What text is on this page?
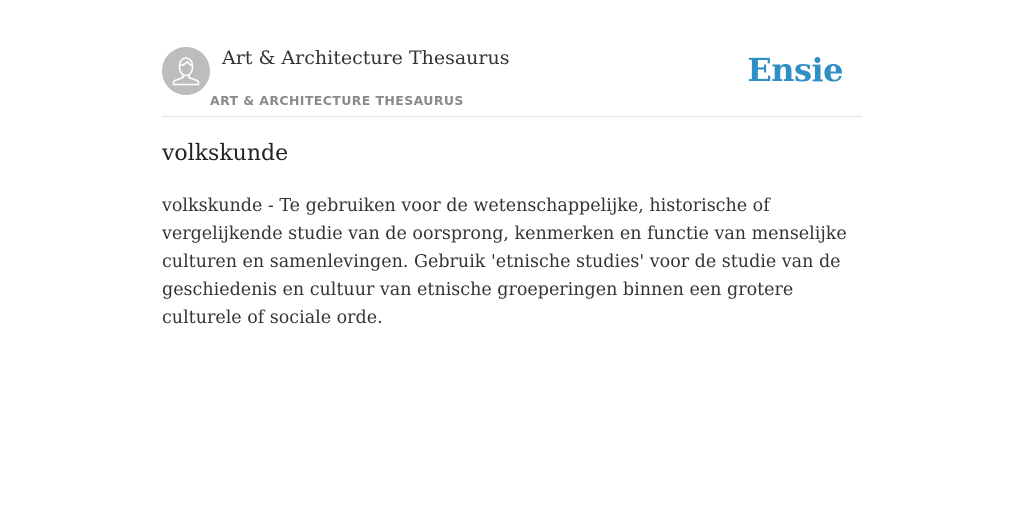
Art & Architecture Thesaurus
ART & ARCHITECTURE THESAURUS
Ensie
volkskunde

volkskunde - Te gebruiken voor de wetenschappelijke, historische of vergelijkende studie van de oorsprong, kenmerken en functie van menselijke culturen en samenlevingen. Gebruik 'etnische studies' voor de studie van de geschiedenis en cultuur van etnische groeperingen binnen een grotere culturele of sociale orde.
